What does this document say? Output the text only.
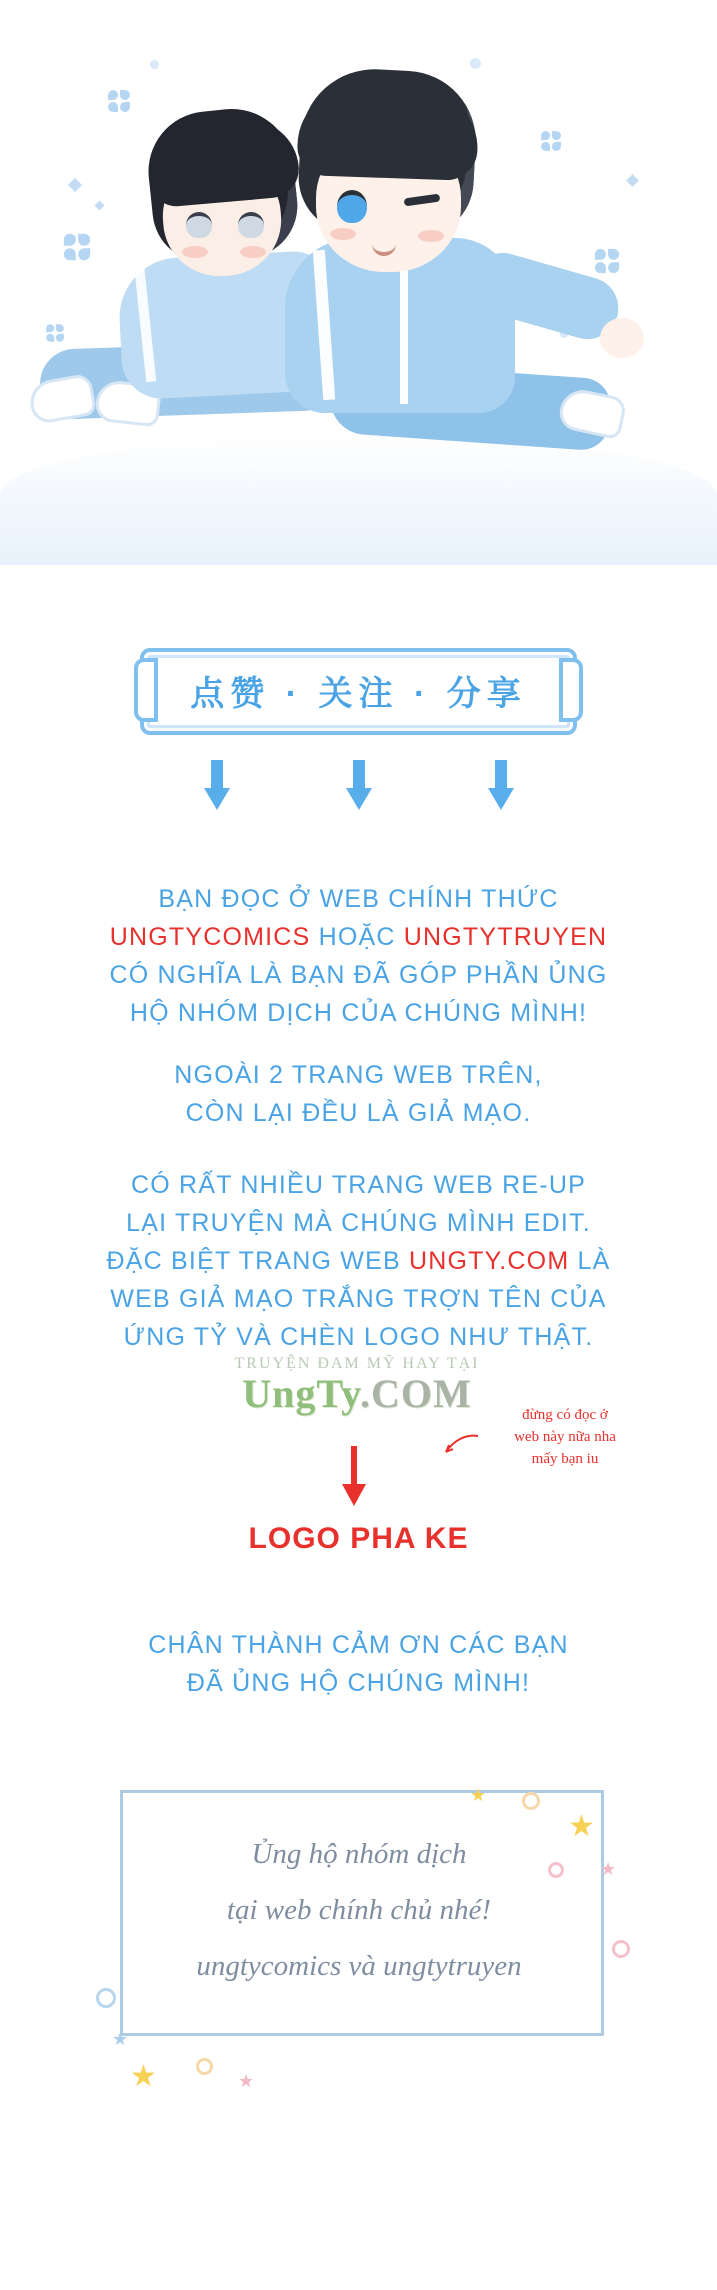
点赞 · 关注 · 分享
BẠN ĐỌC Ở WEB CHÍNH THỨC
UNGTYCOMICS HOẶC UNGTYTRUYEN
CÓ NGHĨA LÀ BẠN ĐÃ GÓP PHẦN ỦNG
HỘ NHÓM DỊCH CỦA CHÚNG MÌNH!
NGOÀI 2 TRANG WEB TRÊN,
CÒN LẠI ĐỀU LÀ GIẢ MẠO.
CÓ RẤT NHIỀU TRANG WEB RE-UP
LẠI TRUYỆN MÀ CHÚNG MÌNH EDIT.
ĐẶC BIỆT TRANG WEB UNGTY.COM LÀ
WEB GIẢ MẠO TRẮNG TRỢN TÊN CỦA
ỨNG TỶ VÀ CHÈN LOGO NHƯ THẬT.
TRUYỆN ĐAM MỸ HAY TẠI
UngTy.COM	đừng có đọc ở
web này nữa nha
mấy bạn iu
LOGO PHA KE
CHÂN THÀNH CẢM ƠN CÁC BẠN
ĐÃ ỦNG HỘ CHÚNG MÌNH!
Ủng hộ nhóm dịch
tại web chính chủ nhé!
ungtycomics và ungtytruyen
★
★
★
★
★	★
